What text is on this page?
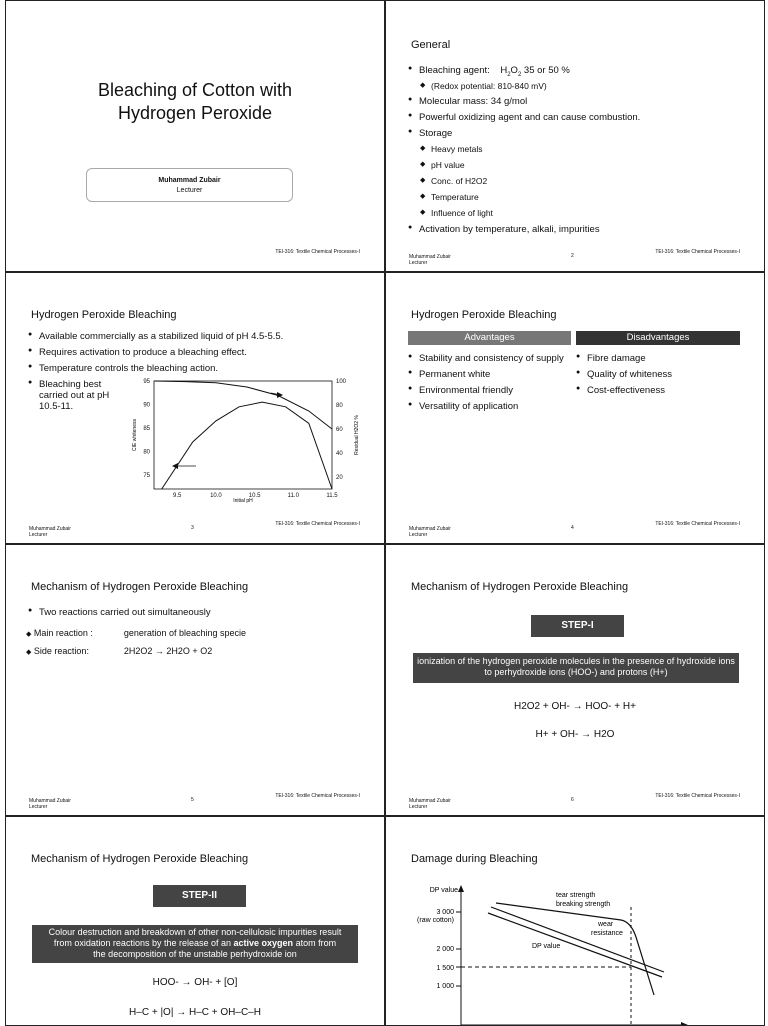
Bleaching of Cotton with
Hydrogen Peroxide
Muhammad Zubair
Lecturer
TEI-316: Textile Chemical Processes-I
General
● Bleaching agent:    $H_2O_2$ 35 or 50 %
◆ (Redox potential: 810-840 mV)
● Molecular mass: 34 g/mol
● Powerful oxidizing agent and can cause combustion.
● Storage
◆ Heavy metals
◆ pH value
◆ Conc. of H2O2
◆ Temperature
◆ Influence of light
● Activation by temperature, alkali, impurities
Muhammad Zubair
Lecturer
2
TEI-316: Textile Chemical Processes-I
Hydrogen Peroxide Bleaching
● Available commercially as a stabilized liquid of pH 4.5-5.5.
● Requires activation to produce a bleaching effect.
● Temperature controls the bleaching action.
● Bleaching best carried out at pH 10.5-11.
9.5	10.0	10.5	11.0	11.5
75
80
85
90
95
20
40
60
80
100
CIE whiteness	Residual H2O2 %
Initial pH
Muhammad Zubair
Lecturer
3
TEI-316: Textile Chemical Processes-I
Hydrogen Peroxide Bleaching
Advantages	Disadvantages
● Stability and consistency of supply
● Permanent white
● Environmental friendly
● Versatility of application
● Fibre damage
● Quality of whiteness
● Cost-effectiveness
Muhammad Zubair
Lecturer
4
TEI-316: Textile Chemical Processes-I
Mechanism of Hydrogen Peroxide Bleaching
● Two reactions carried out simultaneously
◆ Main reaction :	generation of bleaching specie
◆ Side reaction:	2H2O2 → 2H2O + O2
Muhammad Zubair
Lecturer
5
TEI-316: Textile Chemical Processes-I
Mechanism of Hydrogen Peroxide Bleaching
STEP-I
ionization of the hydrogen peroxide molecules in the presence of hydroxide ions to perhydroxide ions (HOO-) and protons (H+)
H2O2 + OH- → HOO- + H+
H+ + OH- → H2O
Muhammad Zubair
Lecturer
6
TEI-316: Textile Chemical Processes-I
Mechanism of Hydrogen Peroxide Bleaching
STEP-II
Colour destruction and breakdown of other non-cellulosic impurities result
from oxidation reactions by the release of an active oxygen atom from
the decomposition of the unstable perhydroxide ion
HOO- → OH- + [O]
H–C + |O| → H–C + OH–C–H
Damage during Bleaching
DP value
3 000
(raw cotton)
2 000
1 500
1 000
tear strength
breaking strength
wear
resistance
DP value
